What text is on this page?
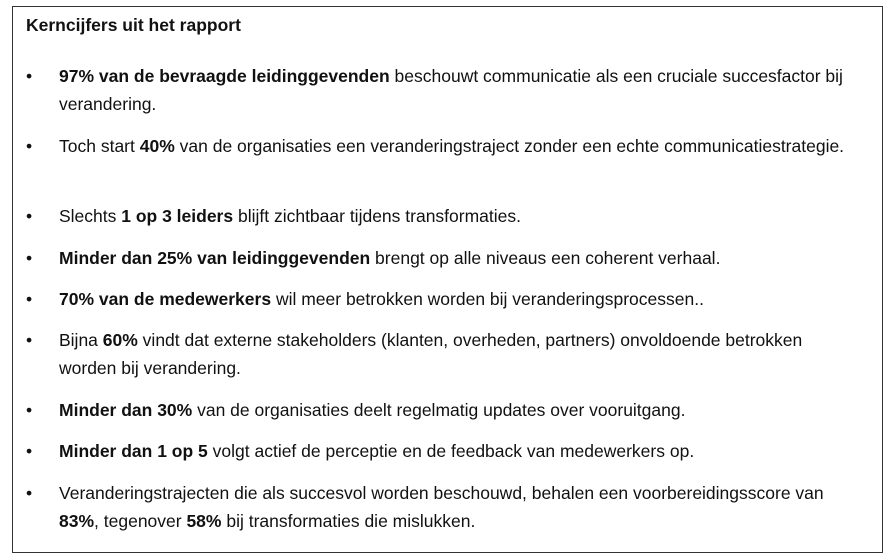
Kerncijfers uit het rapport
• 97% van de bevraagde leidinggevenden beschouwt communicatie als een cruciale succesfactor bij verandering.
• Toch start 40% van de organisaties een veranderingstraject zonder een echte communicatiestrategie.
• Slechts 1 op 3 leiders blijft zichtbaar tijdens transformaties.
• Minder dan 25% van leidinggevenden brengt op alle niveaus een coherent verhaal.
• 70% van de medewerkers wil meer betrokken worden bij veranderingsprocessen..
• Bijna 60% vindt dat externe stakeholders (klanten, overheden, partners) onvoldoende betrokken worden bij verandering.
• Minder dan 30% van de organisaties deelt regelmatig updates over vooruitgang.
• Minder dan 1 op 5 volgt actief de perceptie en de feedback van medewerkers op.
• Veranderingstrajecten die als succesvol worden beschouwd, behalen een voorbereidingsscore van 83%, tegenover 58% bij transformaties die mislukken.
